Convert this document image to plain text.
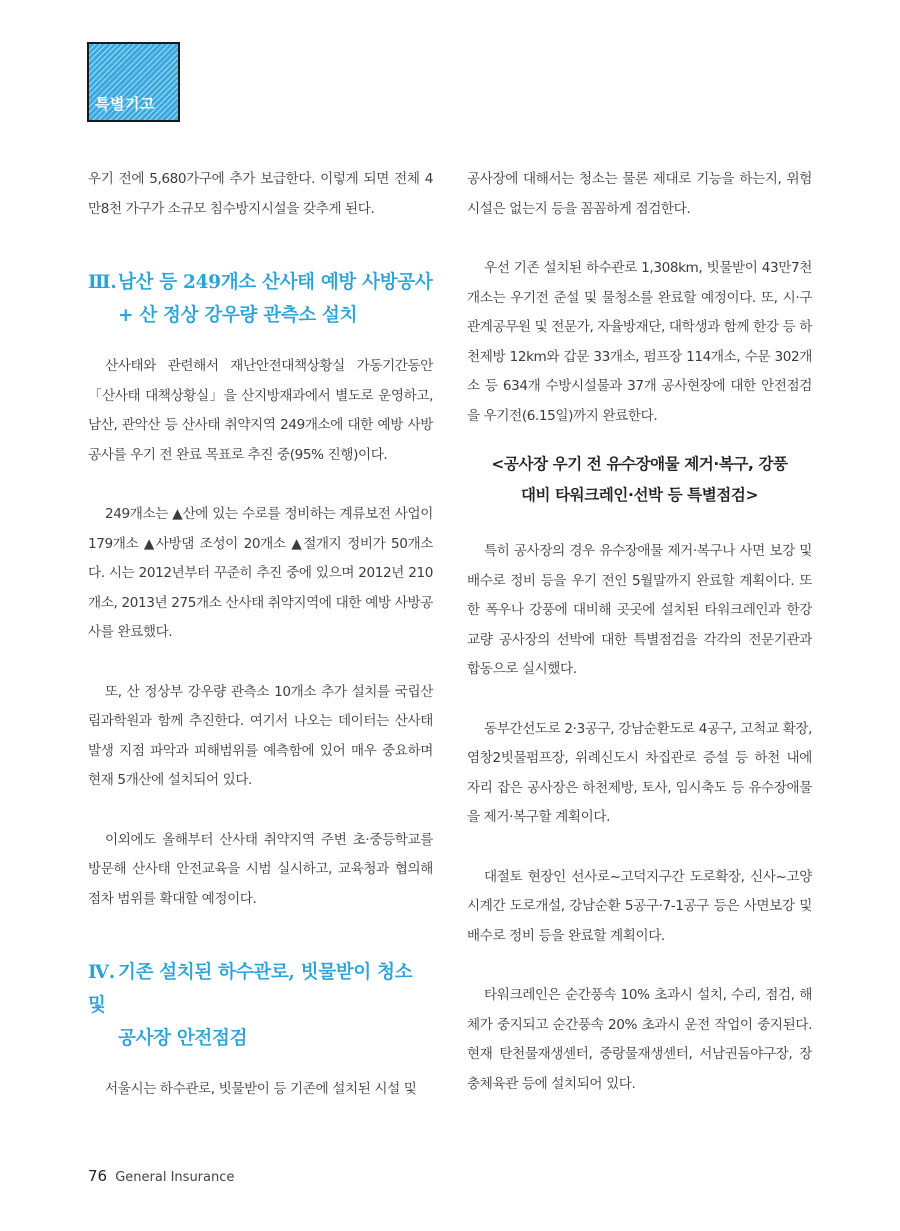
특별기고

우기 전에 5,680가구에 추가 보급한다. 이렇게 되면 전체 4만8천 가구가 소규모 침수방지시설을 갖추게 된다.

Ⅲ.남산 등 249개소 산사태 예방 사방공사
+ 산 정상 강우량 관측소 설치

산사태와 관련해서 재난안전대책상황실 가동기간동안 「산사태 대책상황실」을 산지방재과에서 별도로 운영하고, 남산, 관악산 등 산사태 취약지역 249개소에 대한 예방 사방공사를 우기 전 완료 목표로 추진 중(95% 진행)이다.

249개소는 ▲산에 있는 수로를 정비하는 계류보전 사업이 179개소 ▲사방댐 조성이 20개소 ▲절개지 정비가 50개소다. 시는 2012년부터 꾸준히 추진 중에 있으며 2012년 210개소, 2013년 275개소 산사태 취약지역에 대한 예방 사방공사를 완료했다.

또, 산 정상부 강우량 관측소 10개소 추가 설치를 국립산림과학원과 함께 추진한다. 여기서 나오는 데이터는 산사태 발생 지점 파악과 피해범위를 예측함에 있어 매우 중요하며 현재 5개산에 설치되어 있다.

이외에도 올해부터 산사태 취약지역 주변 초·중등학교를 방문해 산사태 안전교육을 시범 실시하고, 교육청과 협의해 점차 범위를 확대할 예정이다.

Ⅳ. 기존 설치된 하수관로, 빗물받이 청소 및
공사장 안전점검

서울시는 하수관로, 빗물받이 등 기존에 설치된 시설 및

공사장에 대해서는 청소는 물론 제대로 기능을 하는지, 위험 시설은 없는지 등을 꼼꼼하게 점검한다.

우선 기존 설치된 하수관로 1,308km, 빗물받이 43만7천개소는 우기전 준설 및 물청소를 완료할 예정이다. 또, 시·구 관계공무원 및 전문가, 자율방재단, 대학생과 함께 한강 등 하천제방 12km와 갑문 33개소, 펌프장 114개소, 수문 302개소 등 634개 수방시설물과 37개 공사현장에 대한 안전점검을 우기전(6.15일)까지 완료한다.

<공사장 우기 전 유수장애물 제거·복구, 강풍
대비 타워크레인·선박 등 특별점검>

특히 공사장의 경우 유수장애물 제거·복구나 사면 보강 및 배수로 정비 등을 우기 전인 5월말까지 완료할 계획이다. 또한 폭우나 강풍에 대비해 곳곳에 설치된 타워크레인과 한강 교량 공사장의 선박에 대한 특별점검을 각각의 전문기관과 합동으로 실시했다.

동부간선도로 2·3공구, 강남순환도로 4공구, 고척교 확장, 염창2빗물펌프장, 위례신도시 차집관로 증설 등 하천 내에 자리 잡은 공사장은 하천제방, 토사, 임시축도 등 유수장애물을 제거·복구할 계획이다.

대절토 현장인 선사로~고덕지구간 도로확장, 신사~고양시계간 도로개설, 강남순환 5공구·7-1공구 등은 사면보강 및 배수로 정비 등을 완료할 계획이다.

타워크레인은 순간풍속 10% 초과시 설치, 수리, 점검, 해체가 중지되고 순간풍속 20% 초과시 운전 작업이 중지된다. 현재 탄천물재생센터, 중랑물재생센터, 서남권돔야구장, 장충체육관 등에 설치되어 있다.

76 General Insurance
